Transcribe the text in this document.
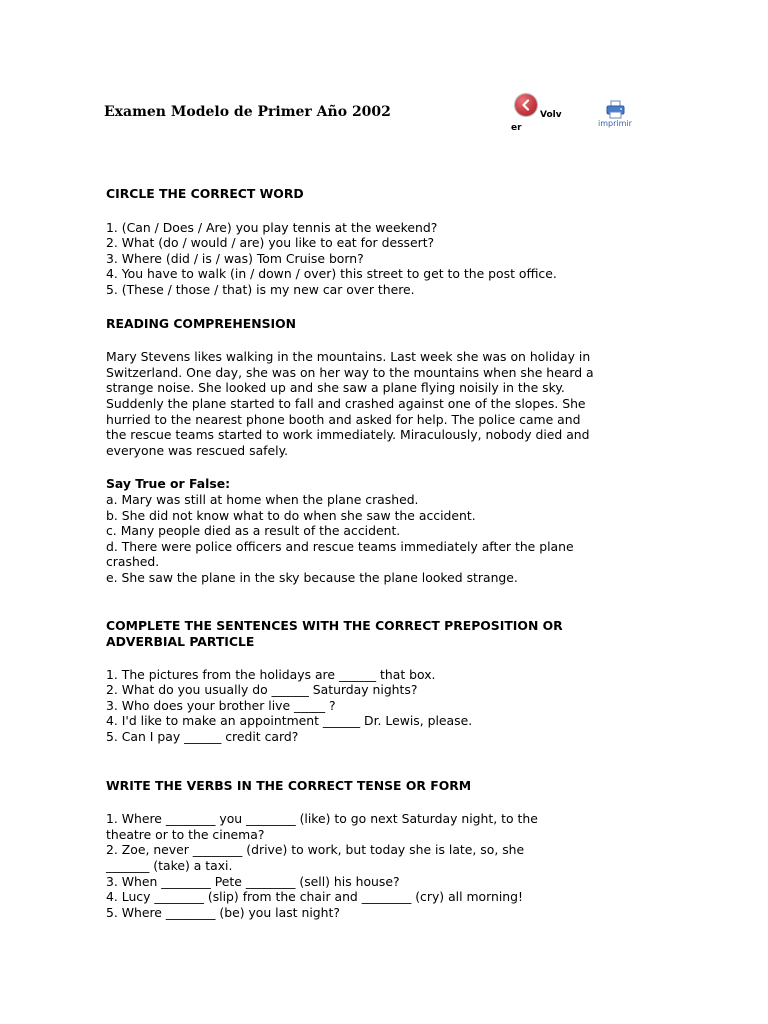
Examen Modelo de Primer Año 2002	Volv
er	imprimir

CIRCLE THE CORRECT WORD

1. (Can / Does / Are) you play tennis at the weekend?
2. What (do / would / are) you like to eat for dessert?
3. Where (did / is / was) Tom Cruise born?
4. You have to walk (in / down / over) this street to get to the post office.
5. (These / those / that) is my new car over there.

READING COMPREHENSION

Mary Stevens likes walking in the mountains. Last week she was on holiday in
Switzerland. One day, she was on her way to the mountains when she heard a
strange noise. She looked up and she saw a plane flying noisily in the sky.
Suddenly the plane started to fall and crashed against one of the slopes. She
hurried to the nearest phone booth and asked for help. The police came and
the rescue teams started to work immediately. Miraculously, nobody died and
everyone was rescued safely.
Say True or False:
a. Mary was still at home when the plane crashed.
b. She did not know what to do when she saw the accident.
c. Many people died as a result of the accident.
d. There were police officers and rescue teams immediately after the plane
crashed.
e. She saw the plane in the sky because the plane looked strange.
COMPLETE THE SENTENCES WITH THE CORRECT PREPOSITION OR
ADVERBIAL PARTICLE
1. The pictures from the holidays are ______ that box.
2. What do you usually do ______ Saturday nights?
3. Who does your brother live _____ ?
4. I'd like to make an appointment ______ Dr. Lewis, please.
5. Can I pay ______ credit card?

WRITE THE VERBS IN THE CORRECT TENSE OR FORM

1. Where ________ you ________ (like) to go next Saturday night, to the
theatre or to the cinema?
2. Zoe, never ________ (drive) to work, but today she is late, so, she
_______ (take) a taxi.
3. When ________ Pete ________ (sell) his house?
4. Lucy ________ (slip) from the chair and ________ (cry) all morning!
5. Where ________ (be) you last night?
